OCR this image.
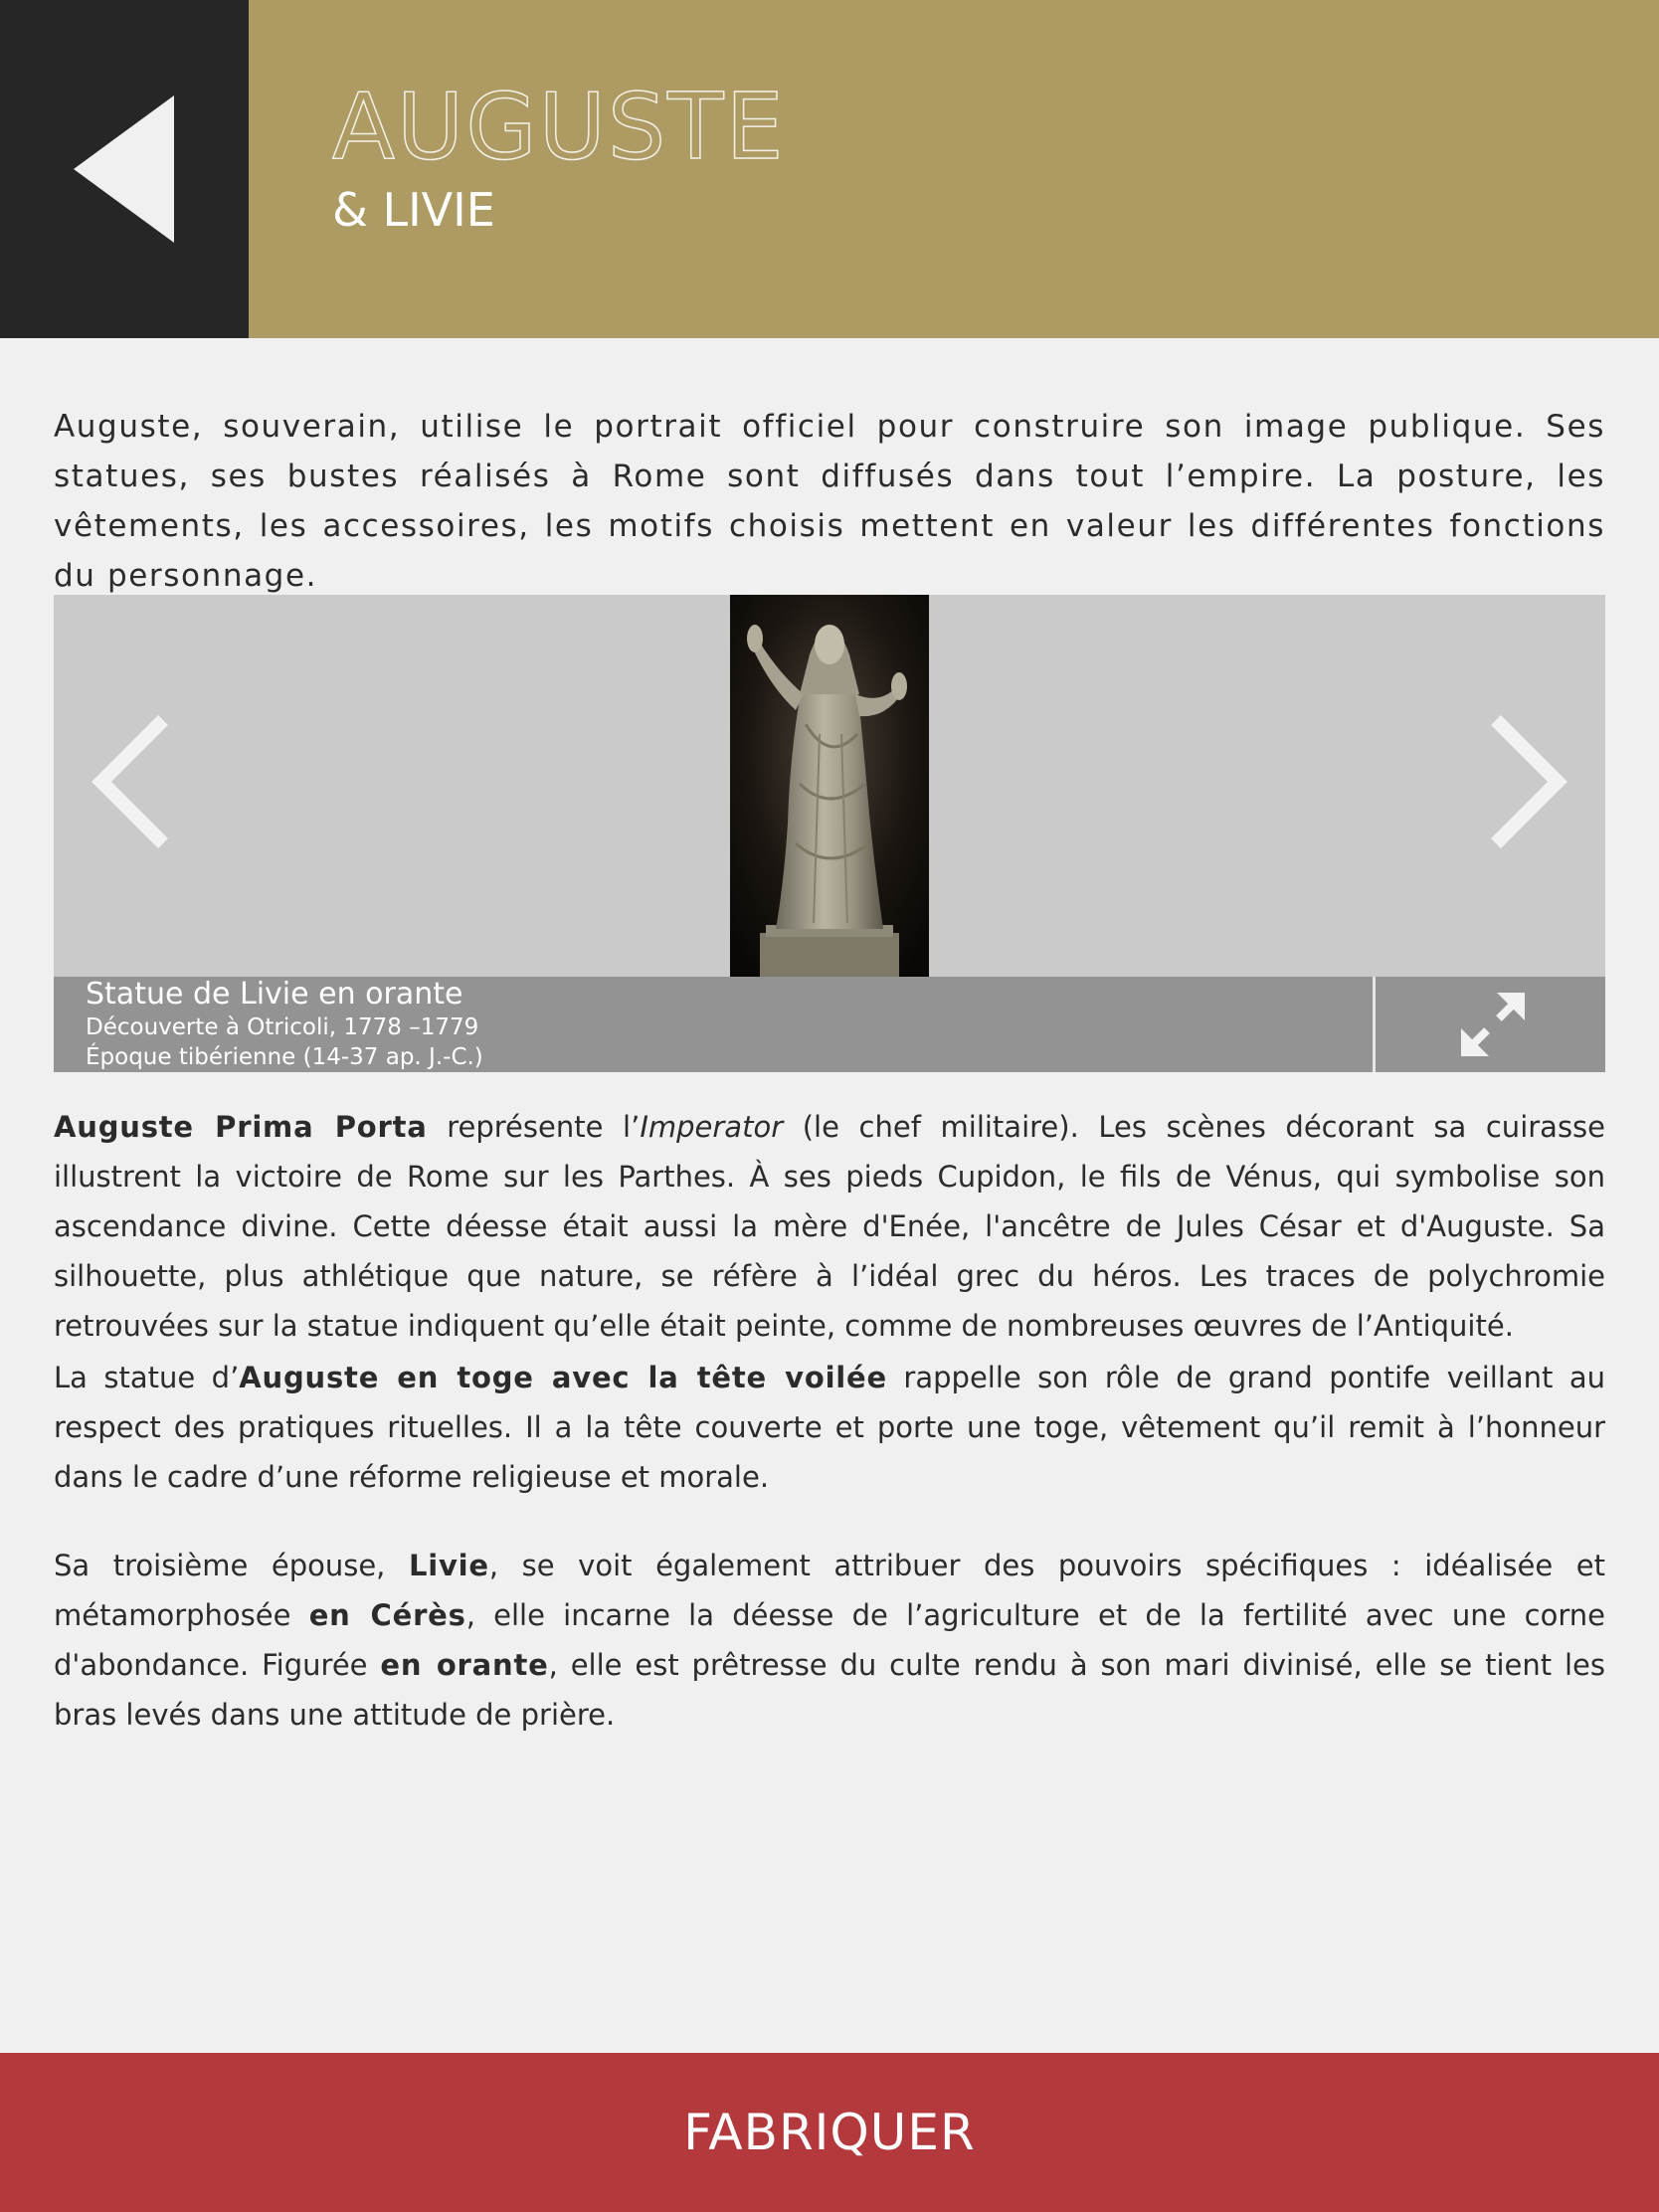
AUGUSTE
& LIVIE

Auguste, souverain, utilise le portrait officiel pour construire son image publique. Ses statues, ses bustes réalisés à Rome sont diffusés dans tout l’empire. La posture, les vêtements, les accessoires, les motifs choisis mettent en valeur les différentes fonctions du personnage.

Statue de Livie en orante
Découverte à Otricoli, 1778 –1779
Époque tibérienne (14-37 ap. J.-C.)

Auguste Prima Porta représente l’Imperator (le chef militaire). Les scènes décorant sa cuirasse illustrent la victoire de Rome sur les Parthes. À ses pieds Cupidon, le fils de Vénus, qui symbolise son ascendance divine. Cette déesse était aussi la mère d'Enée, l'ancêtre de Jules César et d'Auguste. Sa silhouette, plus athlétique que nature, se réfère à l’idéal grec du héros. Les traces de polychromie retrouvées sur la statue indiquent qu’elle était peinte, comme de nombreuses œuvres de l’Antiquité.

La statue d’Auguste en toge avec la tête voilée rappelle son rôle de grand pontife veillant au respect des pratiques rituelles. Il a la tête couverte et porte une toge, vêtement qu’il remit à l’honneur dans le cadre d’une réforme religieuse et morale.

Sa troisième épouse, Livie, se voit également attribuer des pouvoirs spécifiques : idéalisée et métamorphosée en Cérès, elle incarne la déesse de l’agriculture et de la fertilité avec une corne d'abondance. Figurée en orante, elle est prêtresse du culte rendu à son mari divinisé, elle se tient les bras levés dans une attitude de prière.

FABRIQUER
